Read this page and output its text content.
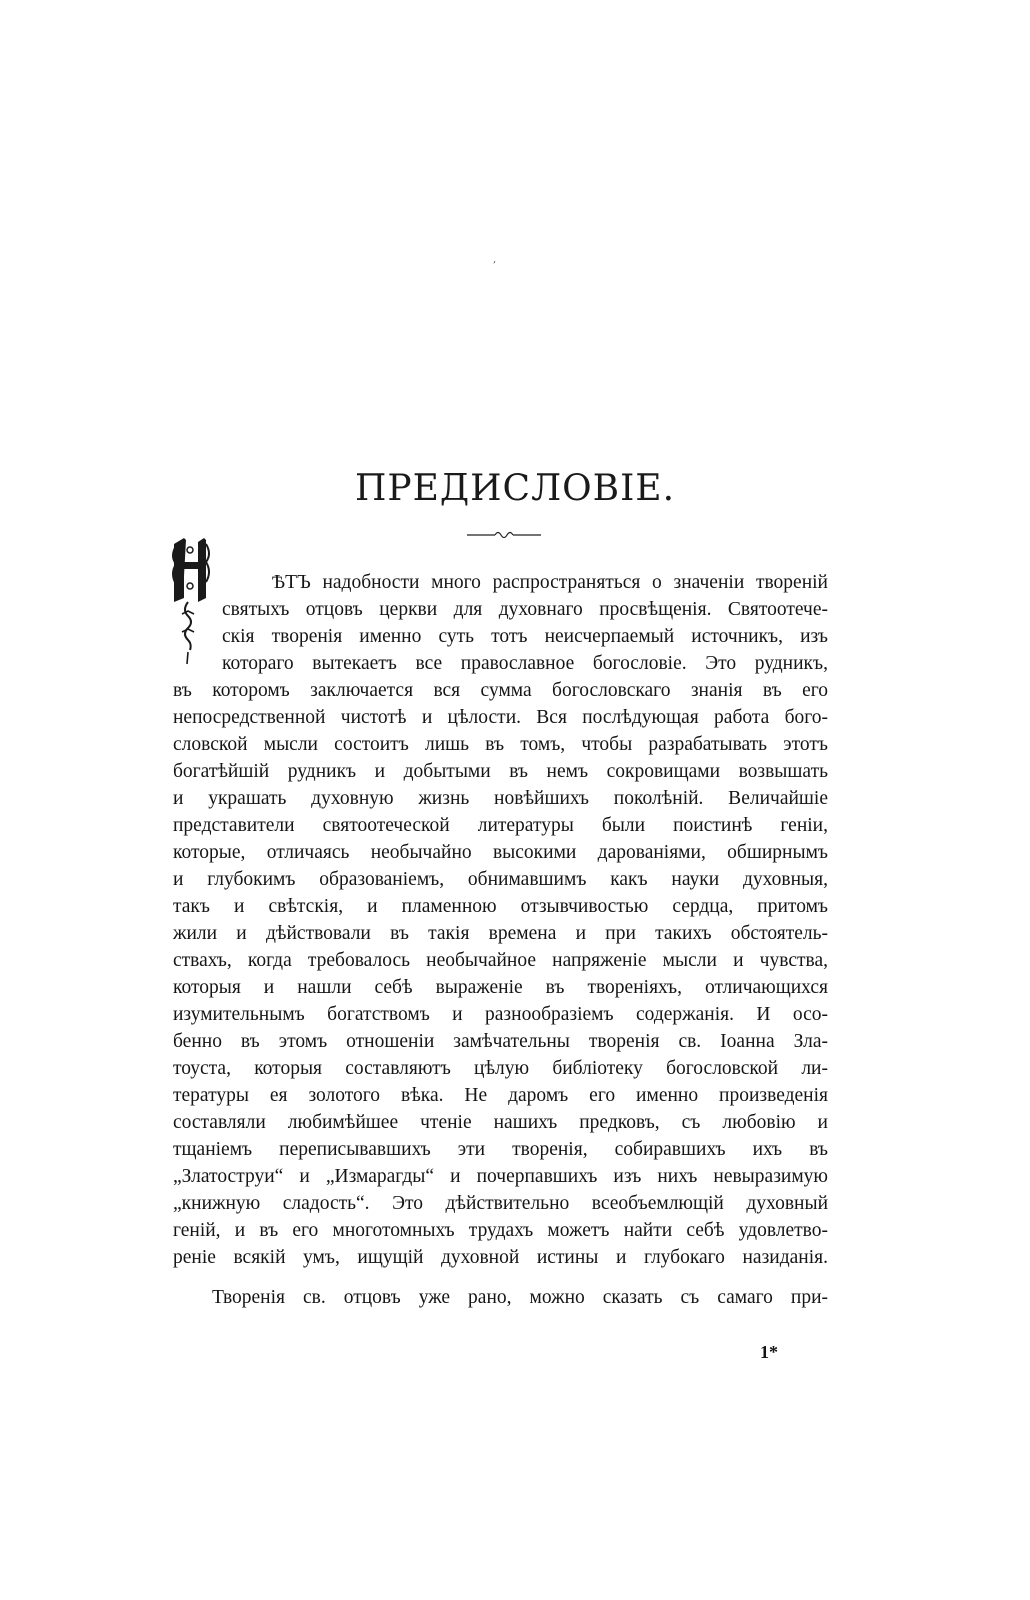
,
ПРЕДИСЛОВІЕ.
ѢТЪ надобности много распространяться о значеніи твореній
святыхъ отцовъ церкви для духовнаго просвѣщенія. Святоотече-
скія творенія именно суть тотъ неисчерпаемый источникъ, изъ
котораго вытекаетъ все православное богословіе. Это рудникъ,
въ которомъ заключается вся сумма богословскаго знанія въ его
непосредственной чистотѣ и цѣлости. Вся послѣдующая работа бого-
словской мысли состоитъ лишь въ томъ, чтобы разрабатывать этотъ
богатѣйшій рудникъ и добытыми въ немъ сокровищами возвышать
и украшать духовную жизнь новѣйшихъ поколѣній. Величайшіе
представители святоотеческой литературы были поистинѣ геніи,
которые, отличаясь необычайно высокими дарованіями, обширнымъ
и глубокимъ образованіемъ, обнимавшимъ какъ науки духовныя,
такъ и свѣтскія, и пламенною отзывчивостью сердца, притомъ
жили и дѣйствовали въ такія времена и при такихъ обстоятель-
ствахъ, когда требовалось необычайное напряженіе мысли и чувства,
которыя и нашли себѣ выраженіе въ твореніяхъ, отличающихся
изумительнымъ богатствомъ и разнообразіемъ содержанія. И осо-
бенно въ этомъ отношеніи замѣчательны творенія св. Іоанна Зла-
тоуста, которыя составляютъ цѣлую библіотеку богословской ли-
тературы ея золотого вѣка. Не даромъ его именно произведенія
составляли любимѣйшее чтеніе нашихъ предковъ, съ любовію и
тщаніемъ переписывавшихъ эти творенія, собиравшихъ ихъ въ
„Златоструи“ и „Измарагды“ и почерпавшихъ изъ нихъ невыразимую
„книжную сладость“. Это дѣйствительно всеобъемлющій духовный
геній, и въ его многотомныхъ трудахъ можетъ найти себѣ удовлетво-
реніе всякій умъ, ищущій духовной истины и глубокаго назиданія.
Творенія св. отцовъ уже рано, можно сказать съ самаго при-
1*
